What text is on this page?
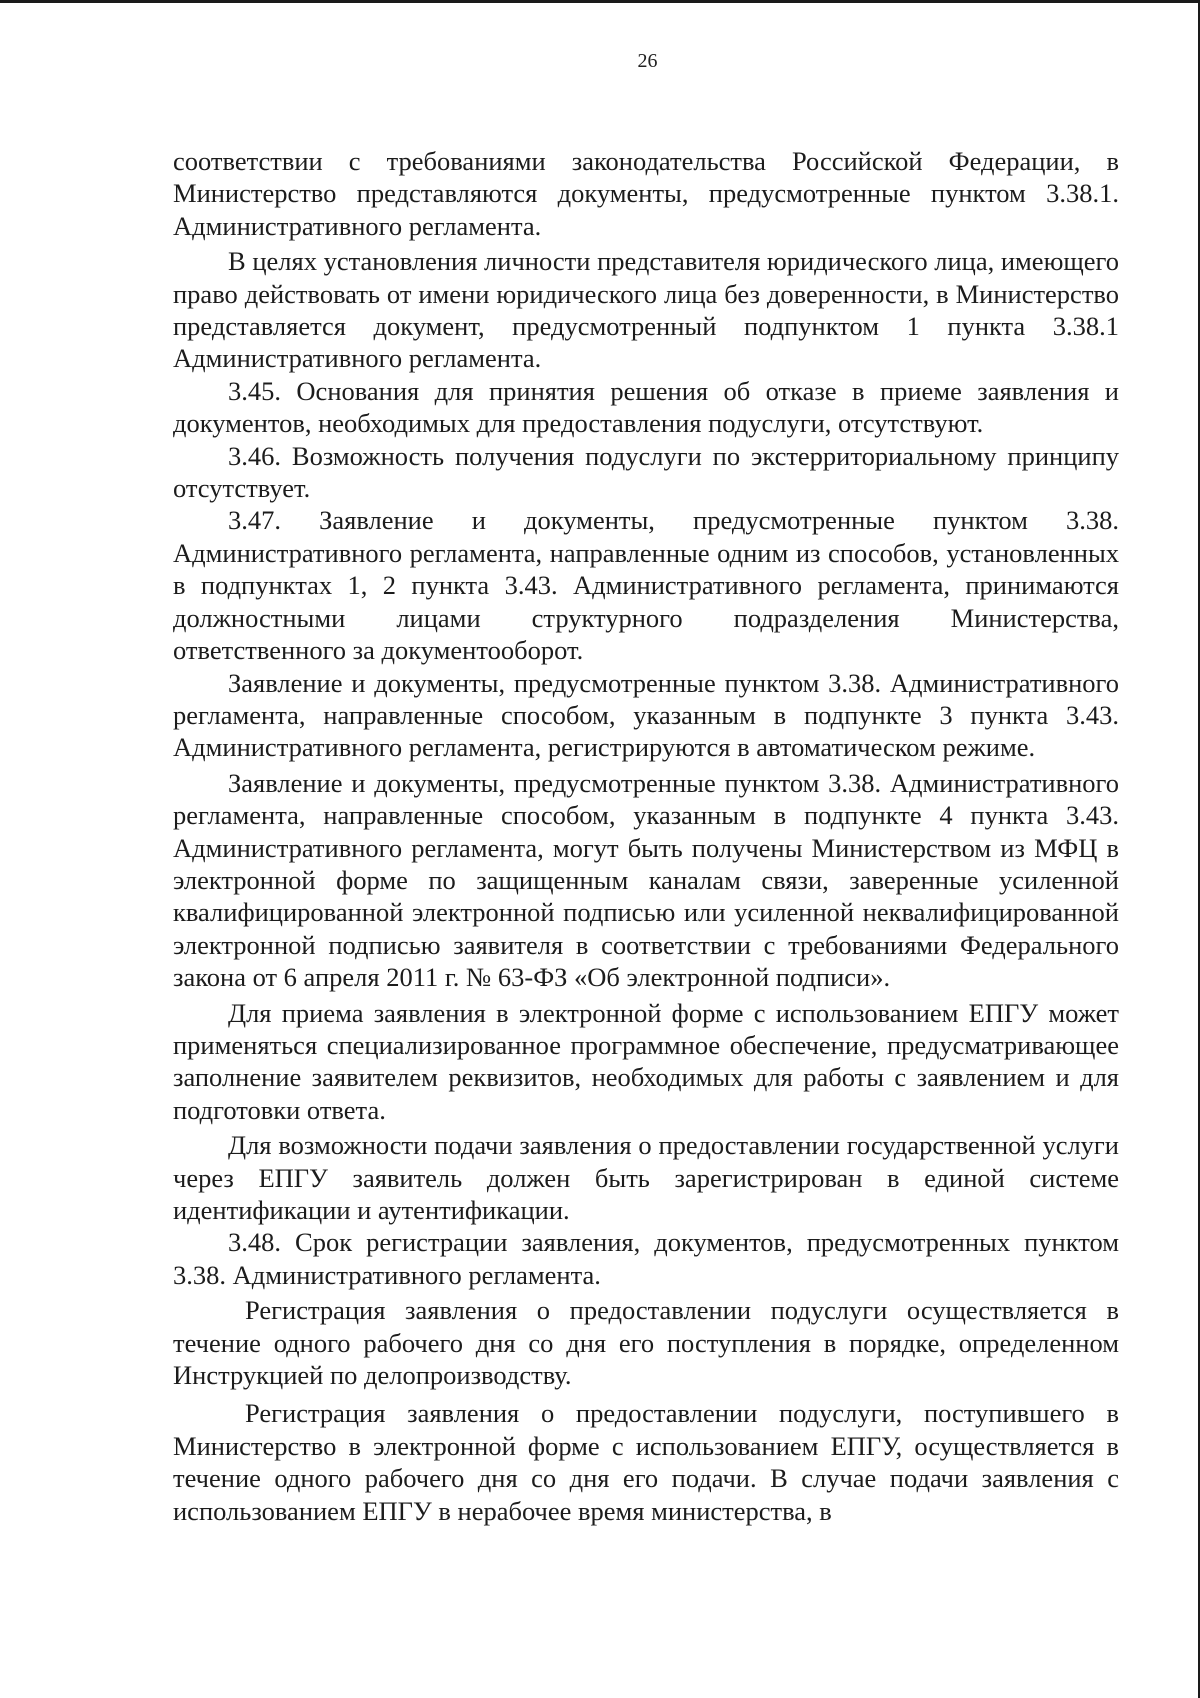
26

соответствии с требованиями законодательства Российской Федерации, в Министерство представляются документы, предусмотренные пунктом 3.38.1. Административного регламента.

В целях установления личности представителя юридического лица, имеющего право действовать от имени юридического лица без доверенности, в Министерство представляется документ, предусмотренный подпунктом 1 пункта 3.38.1 Административного регламента.

3.45. Основания для принятия решения об отказе в приеме заявления и документов, необходимых для предоставления подуслуги, отсутствуют.

3.46. Возможность получения подуслуги по экстерриториальному принципу отсутствует.

3.47. Заявление и документы, предусмотренные пунктом 3.38. Административного регламента, направленные одним из способов, установленных в подпунктах 1, 2 пункта 3.43. Административного регламента, принимаются должностными лицами структурного подразделения Министерства, ответственного за документооборот.

Заявление и документы, предусмотренные пунктом 3.38. Административного регламента, направленные способом, указанным в подпункте 3 пункта 3.43. Административного регламента, регистрируются в автоматическом режиме.

Заявление и документы, предусмотренные пунктом 3.38. Административного регламента, направленные способом, указанным в подпункте 4 пункта 3.43. Административного регламента, могут быть получены Министерством из МФЦ в электронной форме по защищенным каналам связи, заверенные усиленной квалифицированной электронной подписью или усиленной неквалифицированной электронной подписью заявителя в соответствии с требованиями Федерального закона от 6 апреля 2011 г. № 63-ФЗ «Об электронной подписи».

Для приема заявления в электронной форме с использованием ЕПГУ может применяться специализированное программное обеспечение, предусматривающее заполнение заявителем реквизитов, необходимых для работы с заявлением и для подготовки ответа.

Для возможности подачи заявления о предоставлении государственной услуги через ЕПГУ заявитель должен быть зарегистрирован в единой системе идентификации и аутентификации.

3.48. Срок регистрации заявления, документов, предусмотренных пунктом 3.38. Административного регламента.

Регистрация заявления о предоставлении подуслуги осуществляется в течение одного рабочего дня со дня его поступления в порядке, определенном Инструкцией по делопроизводству.

Регистрация заявления о предоставлении подуслуги, поступившего в Министерство в электронной форме с использованием ЕПГУ, осуществляется в течение одного рабочего дня со дня его подачи. В случае подачи заявления с использованием ЕПГУ в нерабочее время министерства, в
